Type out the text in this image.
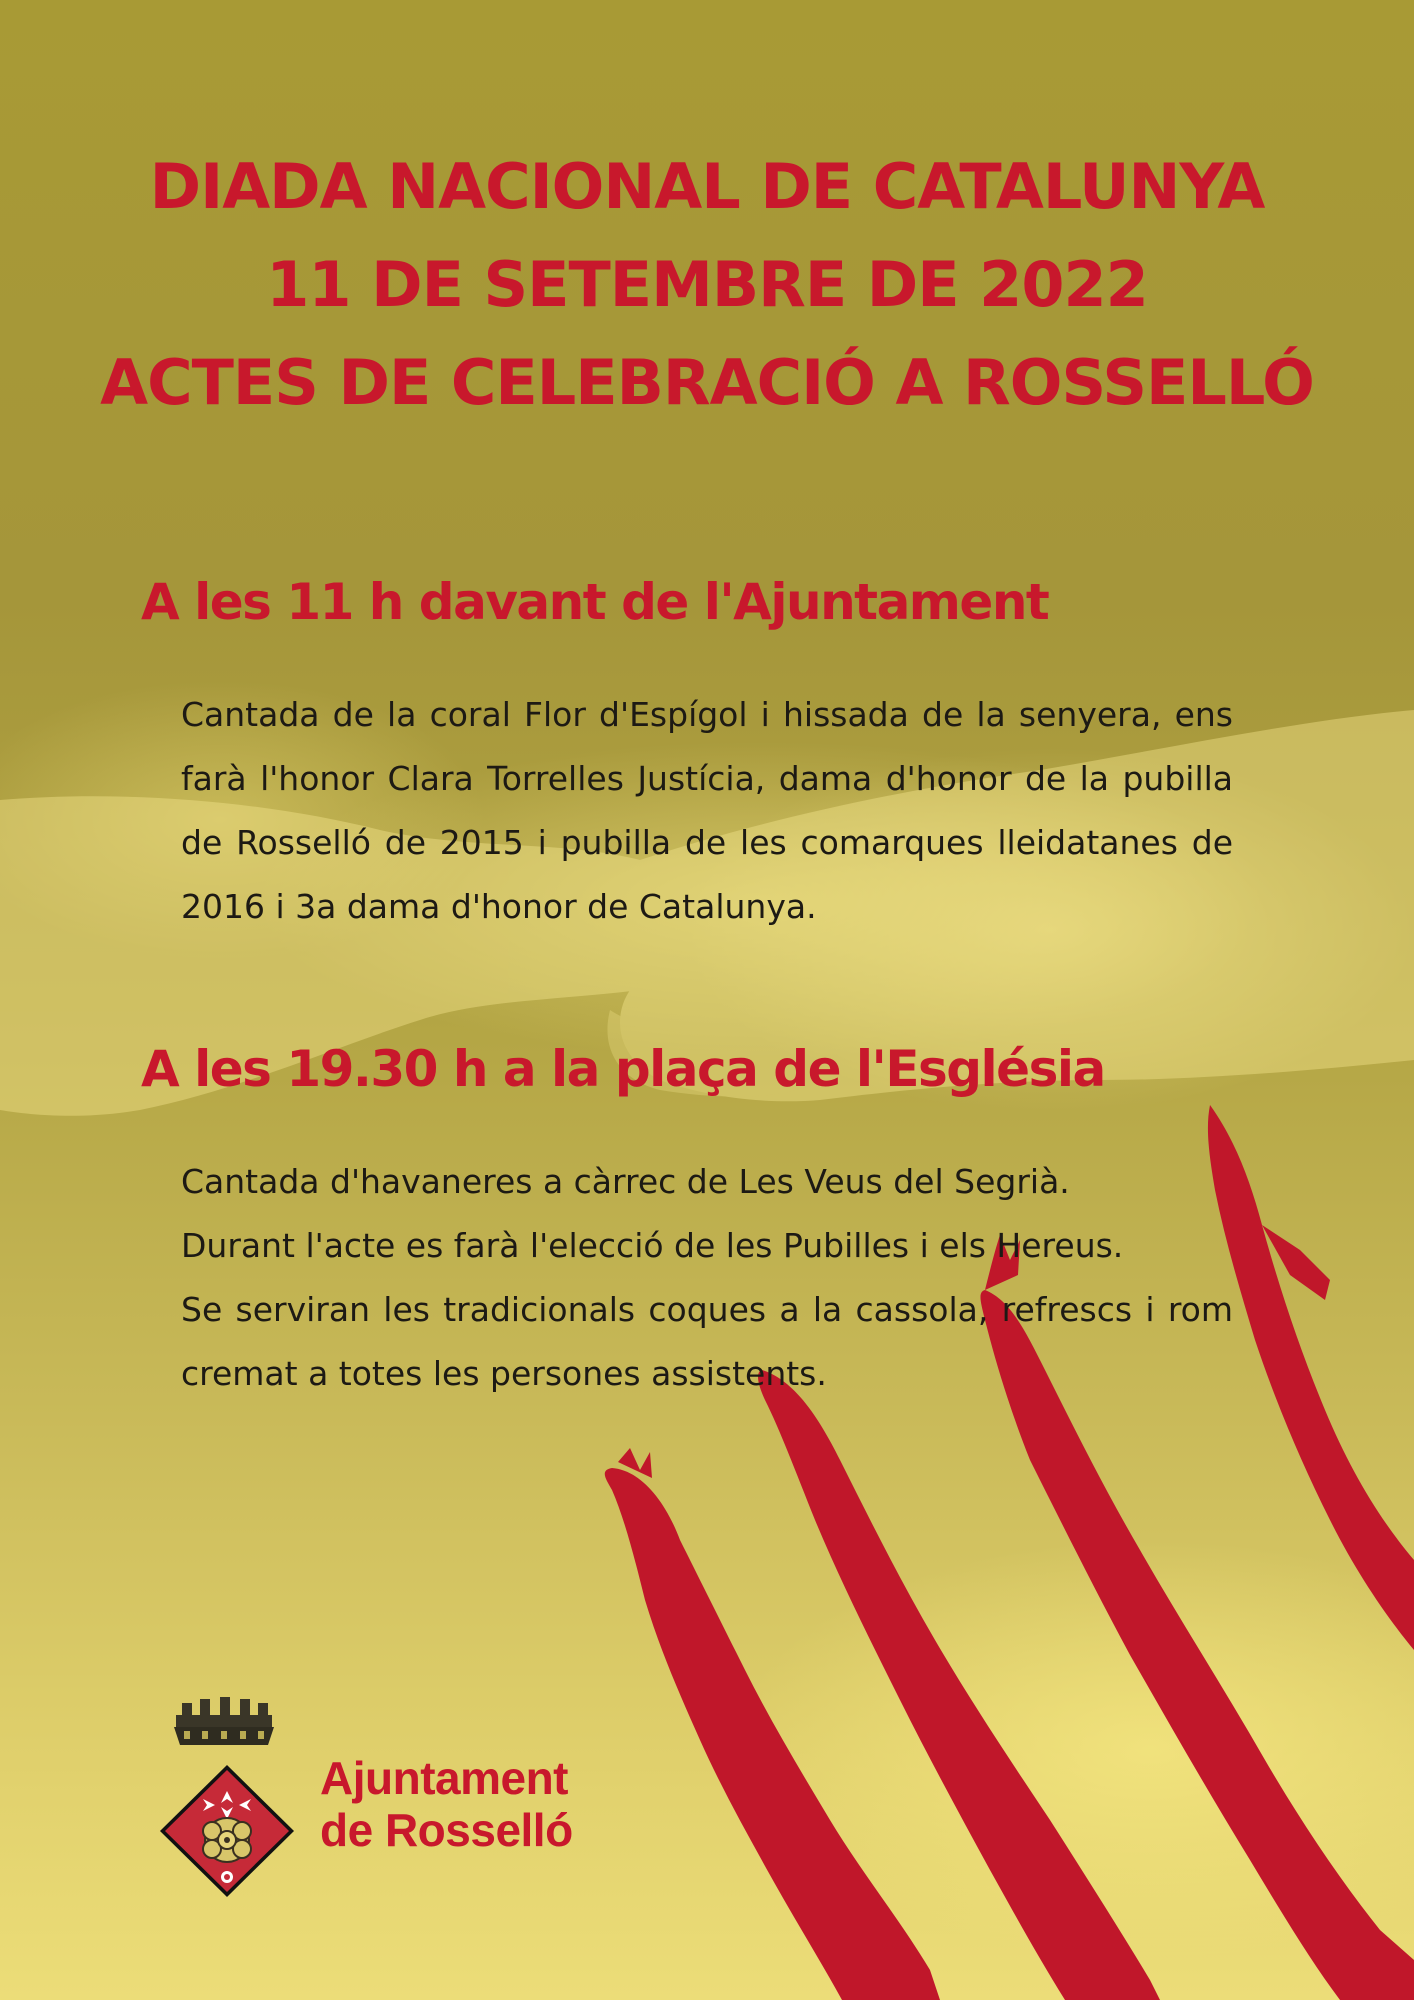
DIADA NACIONAL DE CATALUNYA
11 DE SETEMBRE DE 2022
ACTES DE CELEBRACIÓ A ROSSELLÓ
A les 11 h davant de l'Ajuntament

Cantada de la coral Flor d'Espígol i hissada de la senyera, ens farà l'honor Clara Torrelles Justícia, dama d'honor de la pubilla de Rosselló de 2015 i pubilla de les comarques lleidatanes de 2016 i 3a dama d'honor de Catalunya.

A les 19.30 h a la plaça de l'Església

Cantada d'havaneres a càrrec de Les Veus del Segrià.

Durant l'acte es farà l'elecció de les Pubilles i els Hereus.

Se serviran les tradicionals coques a la cassola, refrescs i rom cremat a totes les persones assistents.

Ajuntament
de Rosselló
